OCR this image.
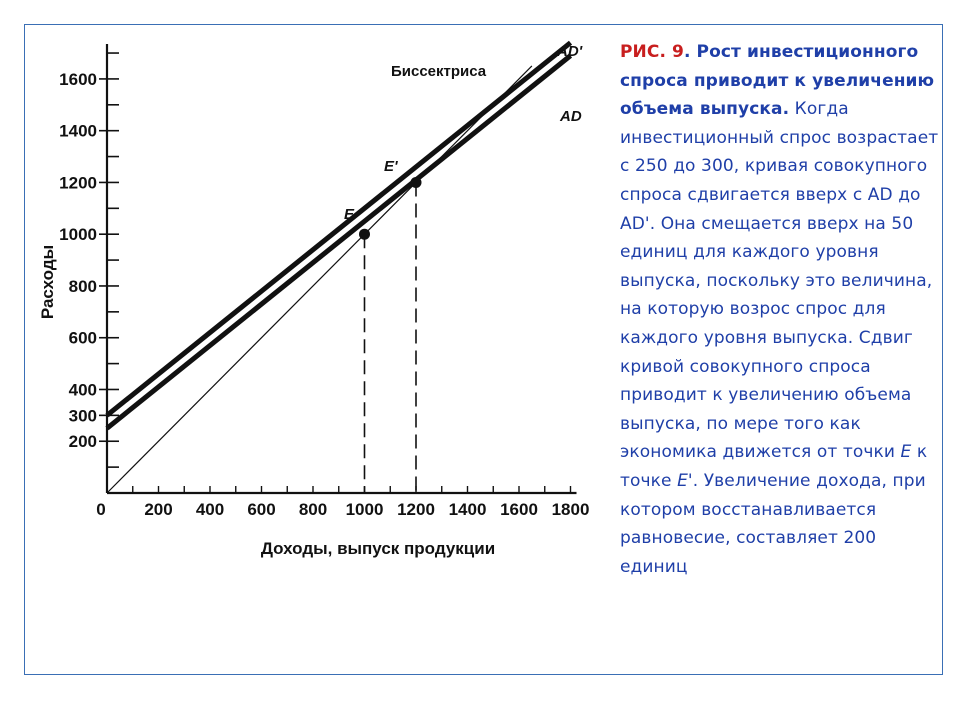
200
300
400
600
800
1000
1200
1400
1600
0 200 400 600 800 1000 1200 1400 1600 1800
Расходы
Доходы, выпуск продукции
Биссектриса
AD'
AD
E
E'
РИС. 9. Рост инвестиционного спроса приводит к увеличению объема выпуска. Когда инвестиционный спрос возрастает с 250 до 300, кривая совокупного спроса сдвигается вверх с AD до AD'. Она смещается вверх на 50 единиц для каждого уровня выпуска, поскольку это величина, на которую возрос спрос для каждого уровня выпуска. Сдвиг кривой совокупного спроса приводит к увеличению объема выпуска, по мере того как экономика движется от точки E к точке E'. Увеличение дохода, при котором восстанавливается равновесие, составляет 200 единиц
